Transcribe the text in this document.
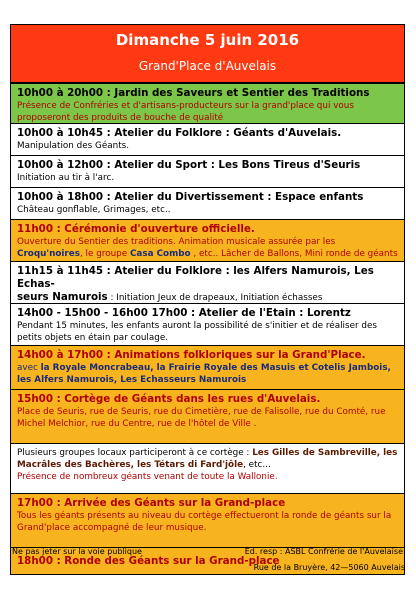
Dimanche 5 juin 2016
Grand'Place d'Auvelais
10h00 à 20h00 : Jardin des Saveurs et Sentier des Traditions
Présence de Confréries et d'artisans-producteurs sur la grand'place qui vous proposeront des produits de bouche de qualité
10h00 à 10h45 : Atelier du Folklore : Géants d'Auvelais.
Manipulation des Géants.
10h00 à 12h00 : Atelier du Sport : Les Bons Tireus d'Seuris
Initiation au tir à l'arc.
10h00 à 18h00 : Atelier du Divertissement : Espace enfants
Château gonflable, Grimages, etc..
11h00 : Cérémonie d'ouverture officielle.
Ouverture du Sentier des traditions. Animation musicale assurée par les Croqu'noires, le groupe Casa Combo , etc.. Lâcher de Ballons, Mini ronde de géants
11h15 à 11h45 : Atelier du Folklore : les Alfers Namurois, Les Echas-
seurs Namurois : Initiation Jeux de drapeaux, Initiation échasses
14h00 - 15h00 - 16h00 17h00 : Atelier de l'Etain : Lorentz
Pendant 15 minutes, les enfants auront la possibilité de s'initier et de réaliser des petits objets en étain par coulage.
14h00 à 17h00 : Animations folkloriques sur la Grand'Place.
avec la Royale Moncrabeau, la Frairie Royale des Masuis et Cotelis Jambois, les Alfers Namurois, Les Echasseurs Namurois
15h00 : Cortège de Géants dans les rues d'Auvelais.
Place de Seuris, rue de Seuris, rue du Cimetière, rue de Falisolle, rue du Comté, rue Michel Melchior, rue du Centre, rue de l'hôtel de Ville .
Plusieurs groupes locaux participeront à ce cortège : Les Gilles de Sambreville, les Macrâles des Bachères, les Tétars di Fard'jôle, etc...
Présence de nombreux géants venant de toute la Wallonie.
17h00 : Arrivée des Géants sur la Grand-place
Tous les géants présents au niveau du cortège effectueront la ronde de géants sur la Grand'place accompagné de leur musique.
18h00 : Ronde des Géants sur la Grand-place
Ne pas jeter sur la voie publique	Ed. resp : ASBL Confrérie de l'Auvelaise
Rue de la Bruyère, 42—5060 Auvelais
